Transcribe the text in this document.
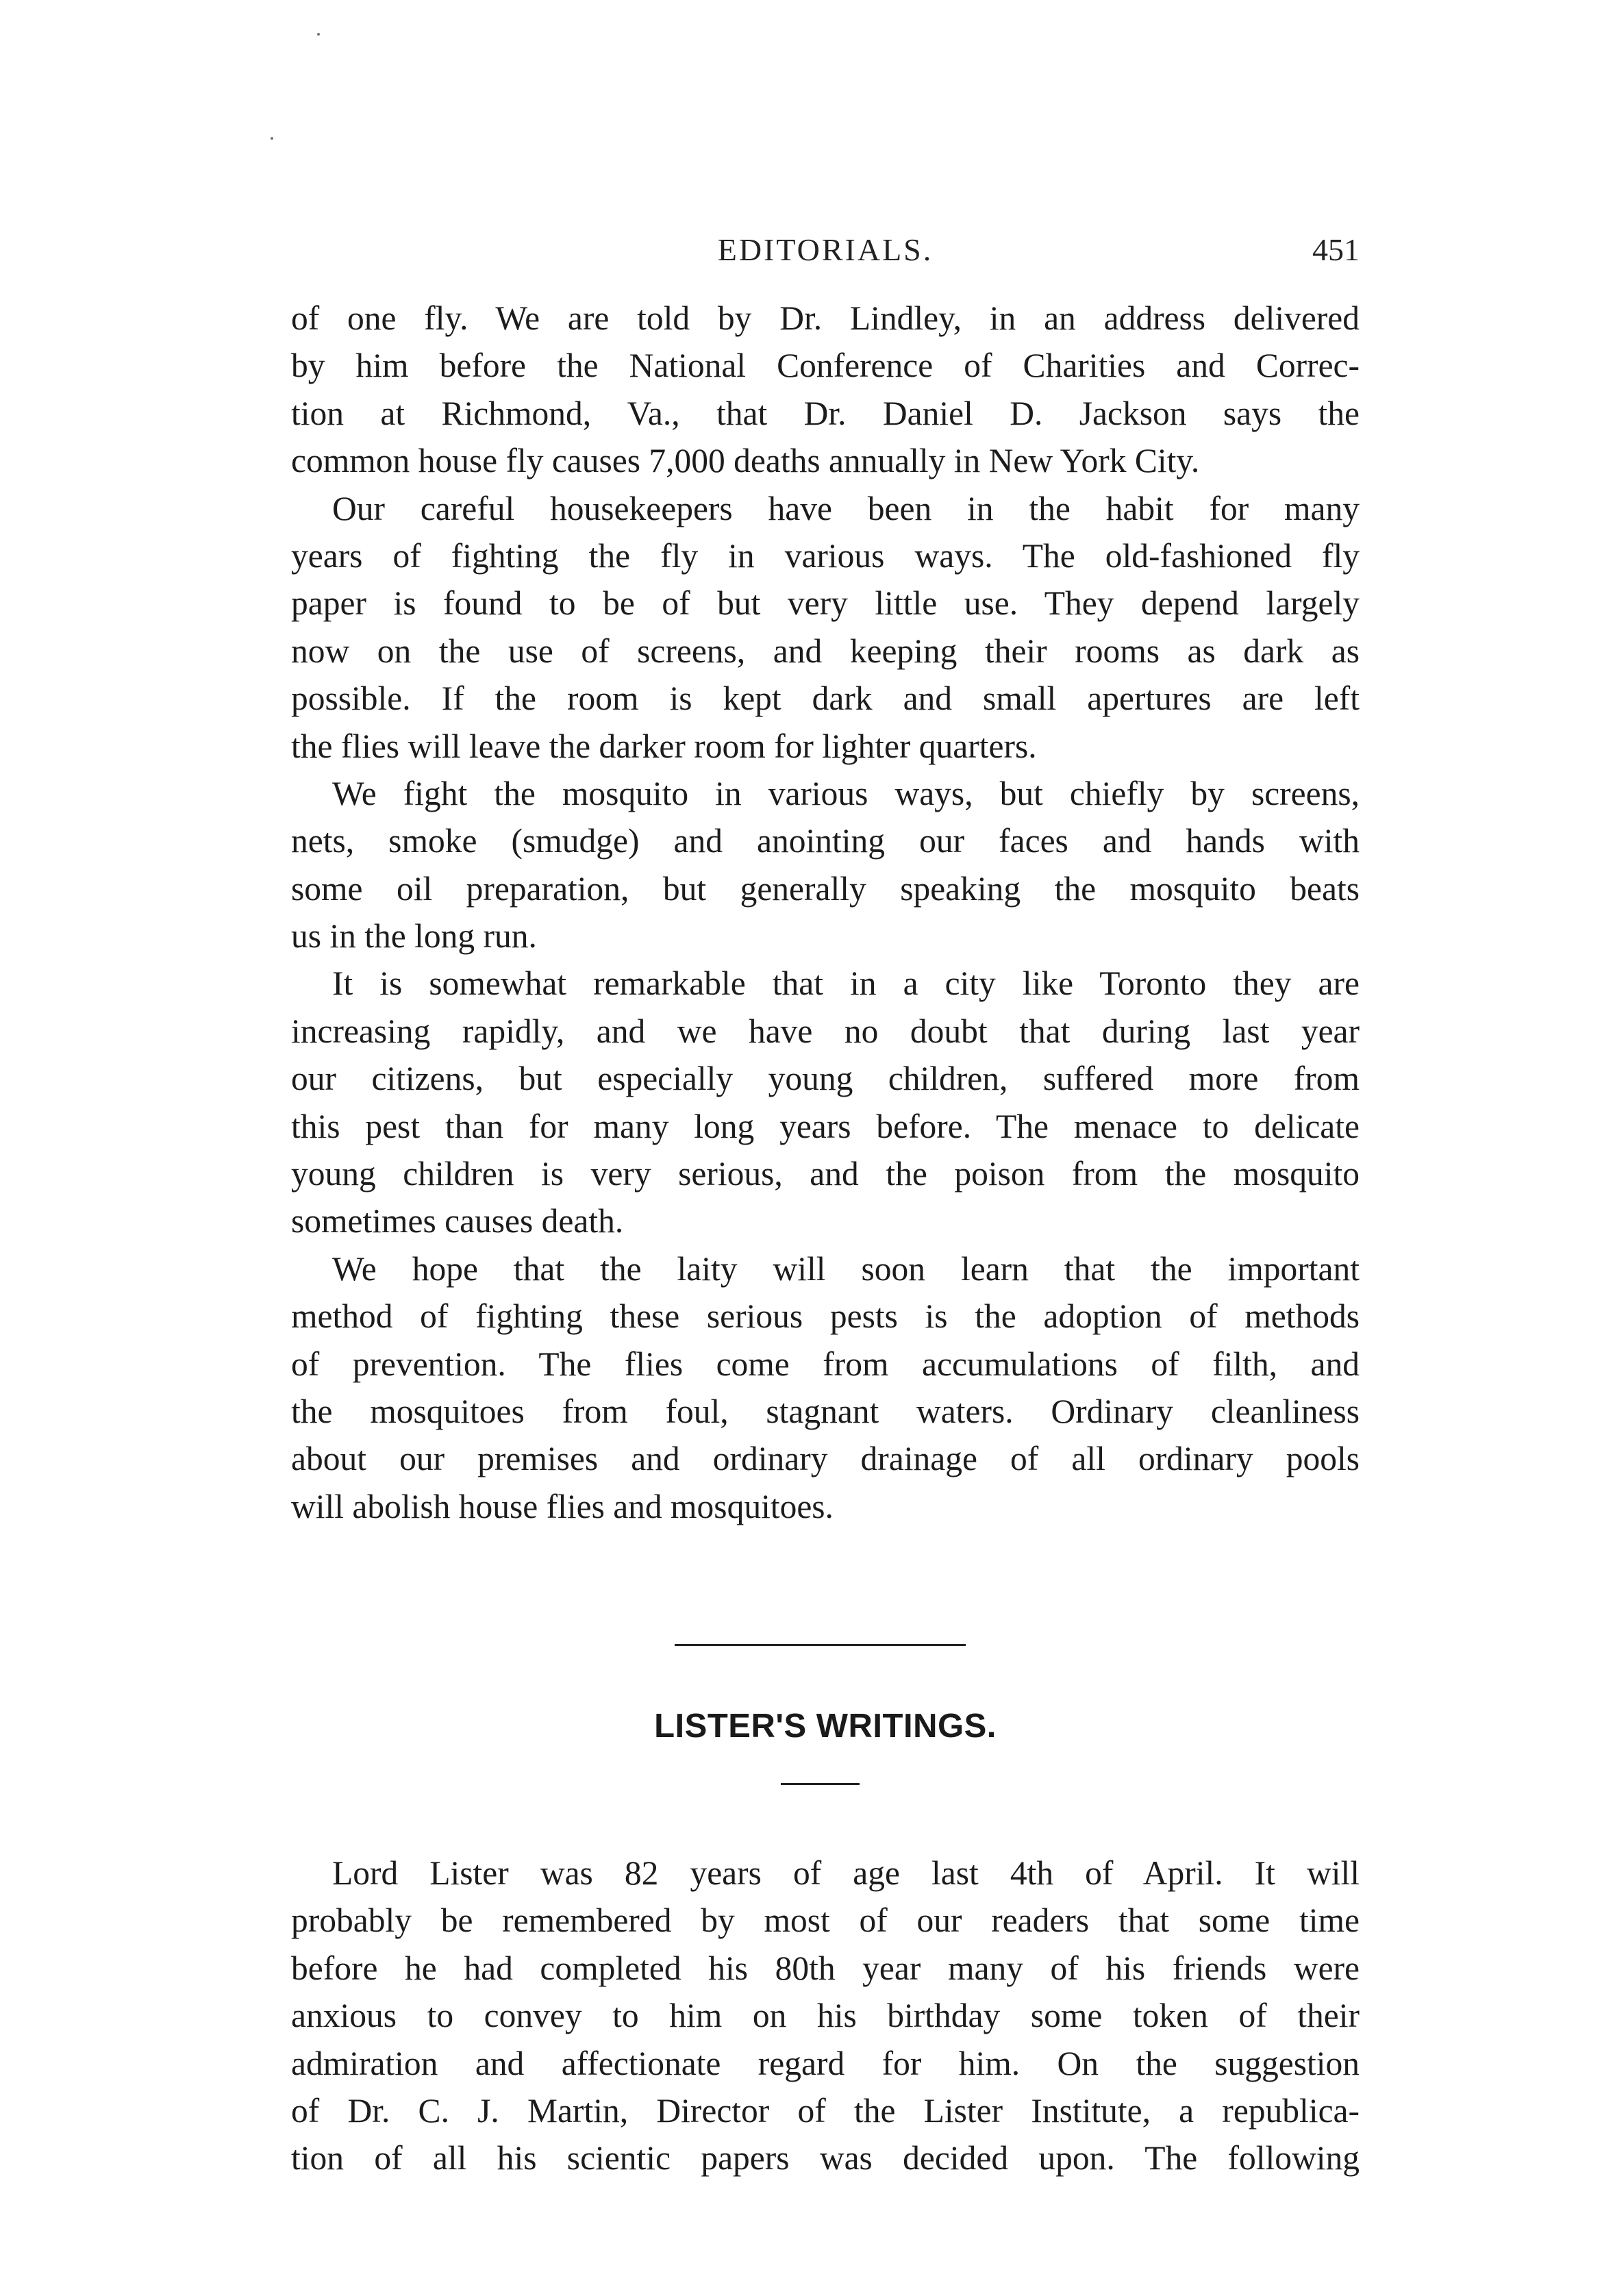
EDITORIALS.	451
of one fly. We are told by Dr. Lindley, in an address delivered
by him before the National Conference of Charities and Correc-
tion at Richmond, Va., that Dr. Daniel D. Jackson says the
common house fly causes 7,000 deaths annually in New York City.
Our careful housekeepers have been in the habit for many
years of fighting the fly in various ways. The old-fashioned fly
paper is found to be of but very little use. They depend largely
now on the use of screens, and keeping their rooms as dark as
possible. If the room is kept dark and small apertures are left
the flies will leave the darker room for lighter quarters.
We fight the mosquito in various ways, but chiefly by screens,
nets, smoke (smudge) and anointing our faces and hands with
some oil preparation, but generally speaking the mosquito beats
us in the long run.
It is somewhat remarkable that in a city like Toronto they are
increasing rapidly, and we have no doubt that during last year
our citizens, but especially young children, suffered more from
this pest than for many long years before. The menace to delicate
young children is very serious, and the poison from the mosquito
sometimes causes death.
We hope that the laity will soon learn that the important
method of fighting these serious pests is the adoption of methods
of prevention. The flies come from accumulations of filth, and
the mosquitoes from foul, stagnant waters. Ordinary cleanliness
about our premises and ordinary drainage of all ordinary pools
will abolish house flies and mosquitoes.
LISTER'S WRITINGS.
Lord Lister was 82 years of age last 4th of April. It will
probably be remembered by most of our readers that some time
before he had completed his 80th year many of his friends were
anxious to convey to him on his birthday some token of their
admiration and affectionate regard for him. On the suggestion
of Dr. C. J. Martin, Director of the Lister Institute, a republica-
tion of all his scientic papers was decided upon. The following
